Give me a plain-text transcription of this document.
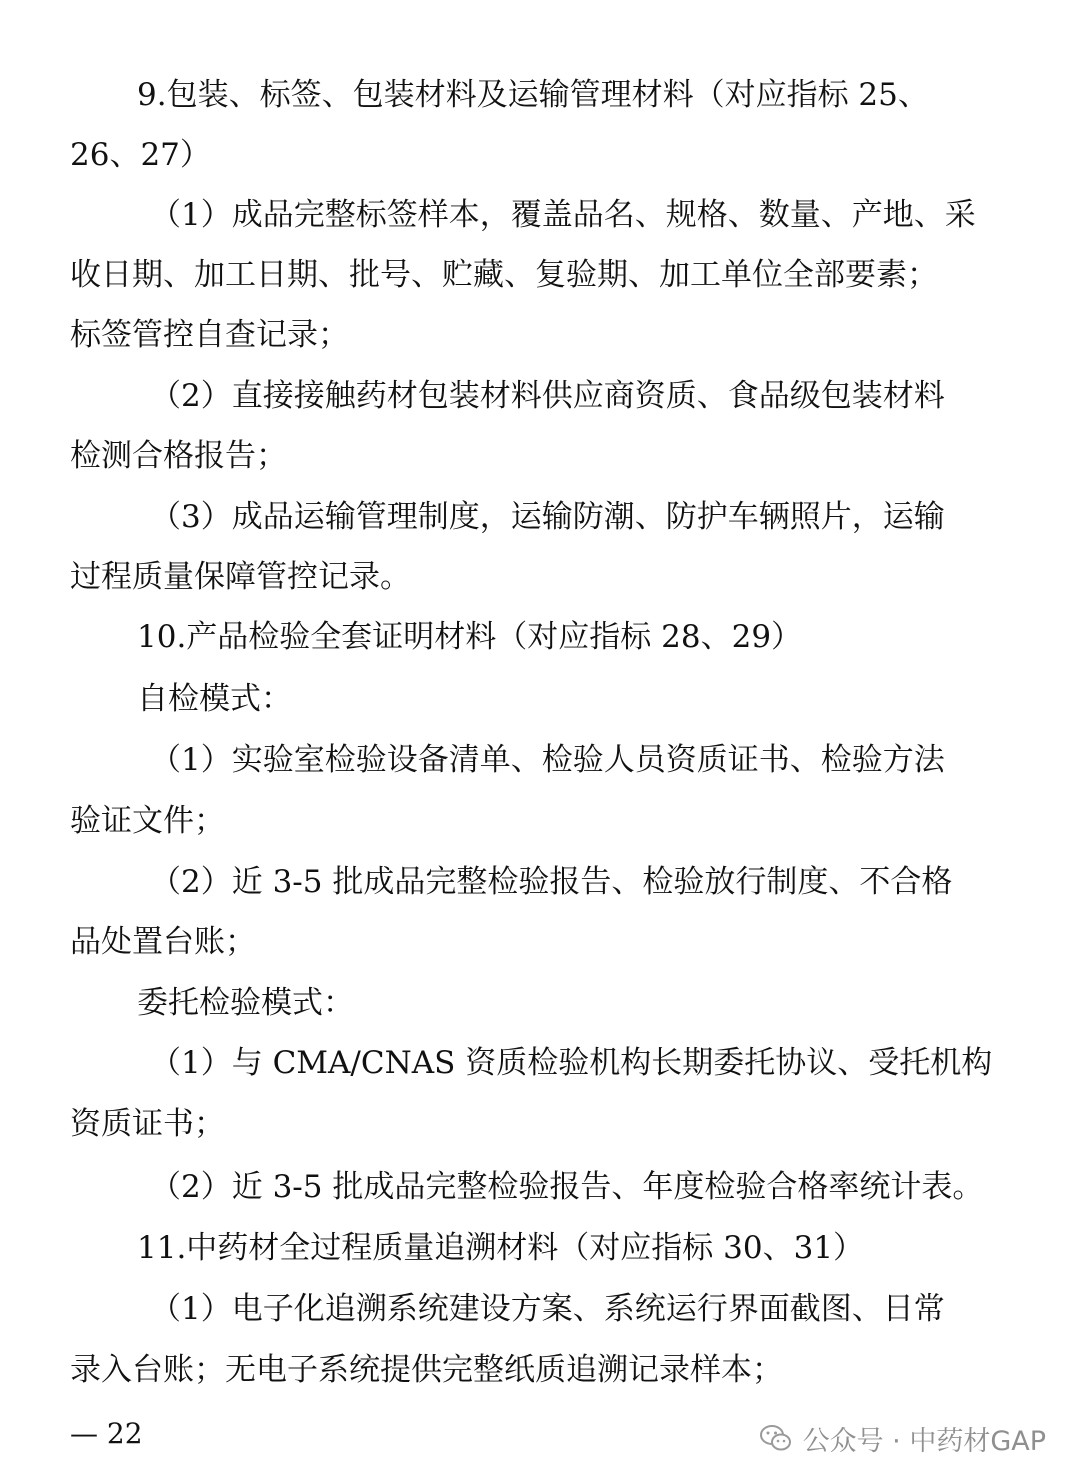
9.包装、标签、包装材料及运输管理材料（对应指标 25、
26、27）
（1）成品完整标签样本，覆盖品名、规格、数量、产地、采
收日期、加工日期、批号、贮藏、复验期、加工单位全部要素；
标签管控自查记录；
（2）直接接触药材包装材料供应商资质、食品级包装材料
检测合格报告；
（3）成品运输管理制度，运输防潮、防护车辆照片，运输
过程质量保障管控记录。
10.产品检验全套证明材料（对应指标 28、29）
自检模式：
（1）实验室检验设备清单、检验人员资质证书、检验方法
验证文件；
（2）近 3-5 批成品完整检验报告、检验放行制度、不合格
品处置台账；
委托检验模式：
（1）与 CMA/CNAS 资质检验机构长期委托协议、受托机构
资质证书；
（2）近 3-5 批成品完整检验报告、年度检验合格率统计表。
11.中药材全过程质量追溯材料（对应指标 30、31）
（1）电子化追溯系统建设方案、系统运行界面截图、日常
录入台账；无电子系统提供完整纸质追溯记录样本；
— 22	公众号 · 中药材GAP
